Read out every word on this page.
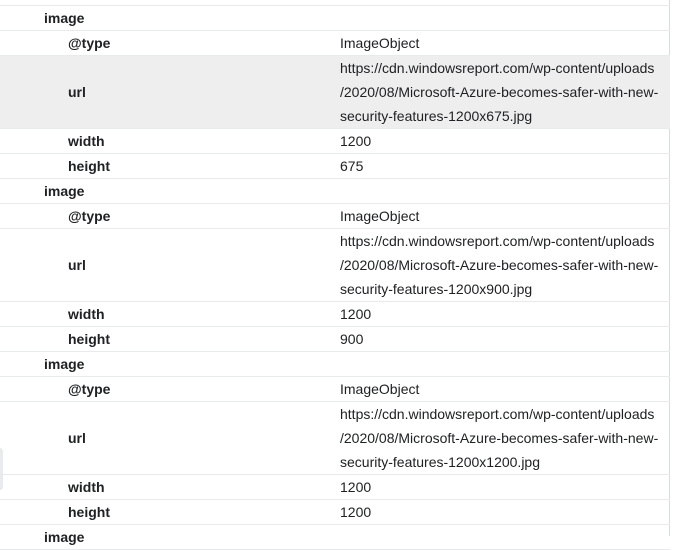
image
@type	ImageObject
url
https://cdn.windowsreport.com/wp-content/uploads
/2020/08/Microsoft-Azure-becomes-safer-with-new-
security-features-1200x675.jpg
width	1200
height	675
image
@type	ImageObject
url
https://cdn.windowsreport.com/wp-content/uploads
/2020/08/Microsoft-Azure-becomes-safer-with-new-
security-features-1200x900.jpg
width	1200
height	900
image
@type	ImageObject
url
https://cdn.windowsreport.com/wp-content/uploads
/2020/08/Microsoft-Azure-becomes-safer-with-new-
security-features-1200x1200.jpg
width	1200
height	1200
image
